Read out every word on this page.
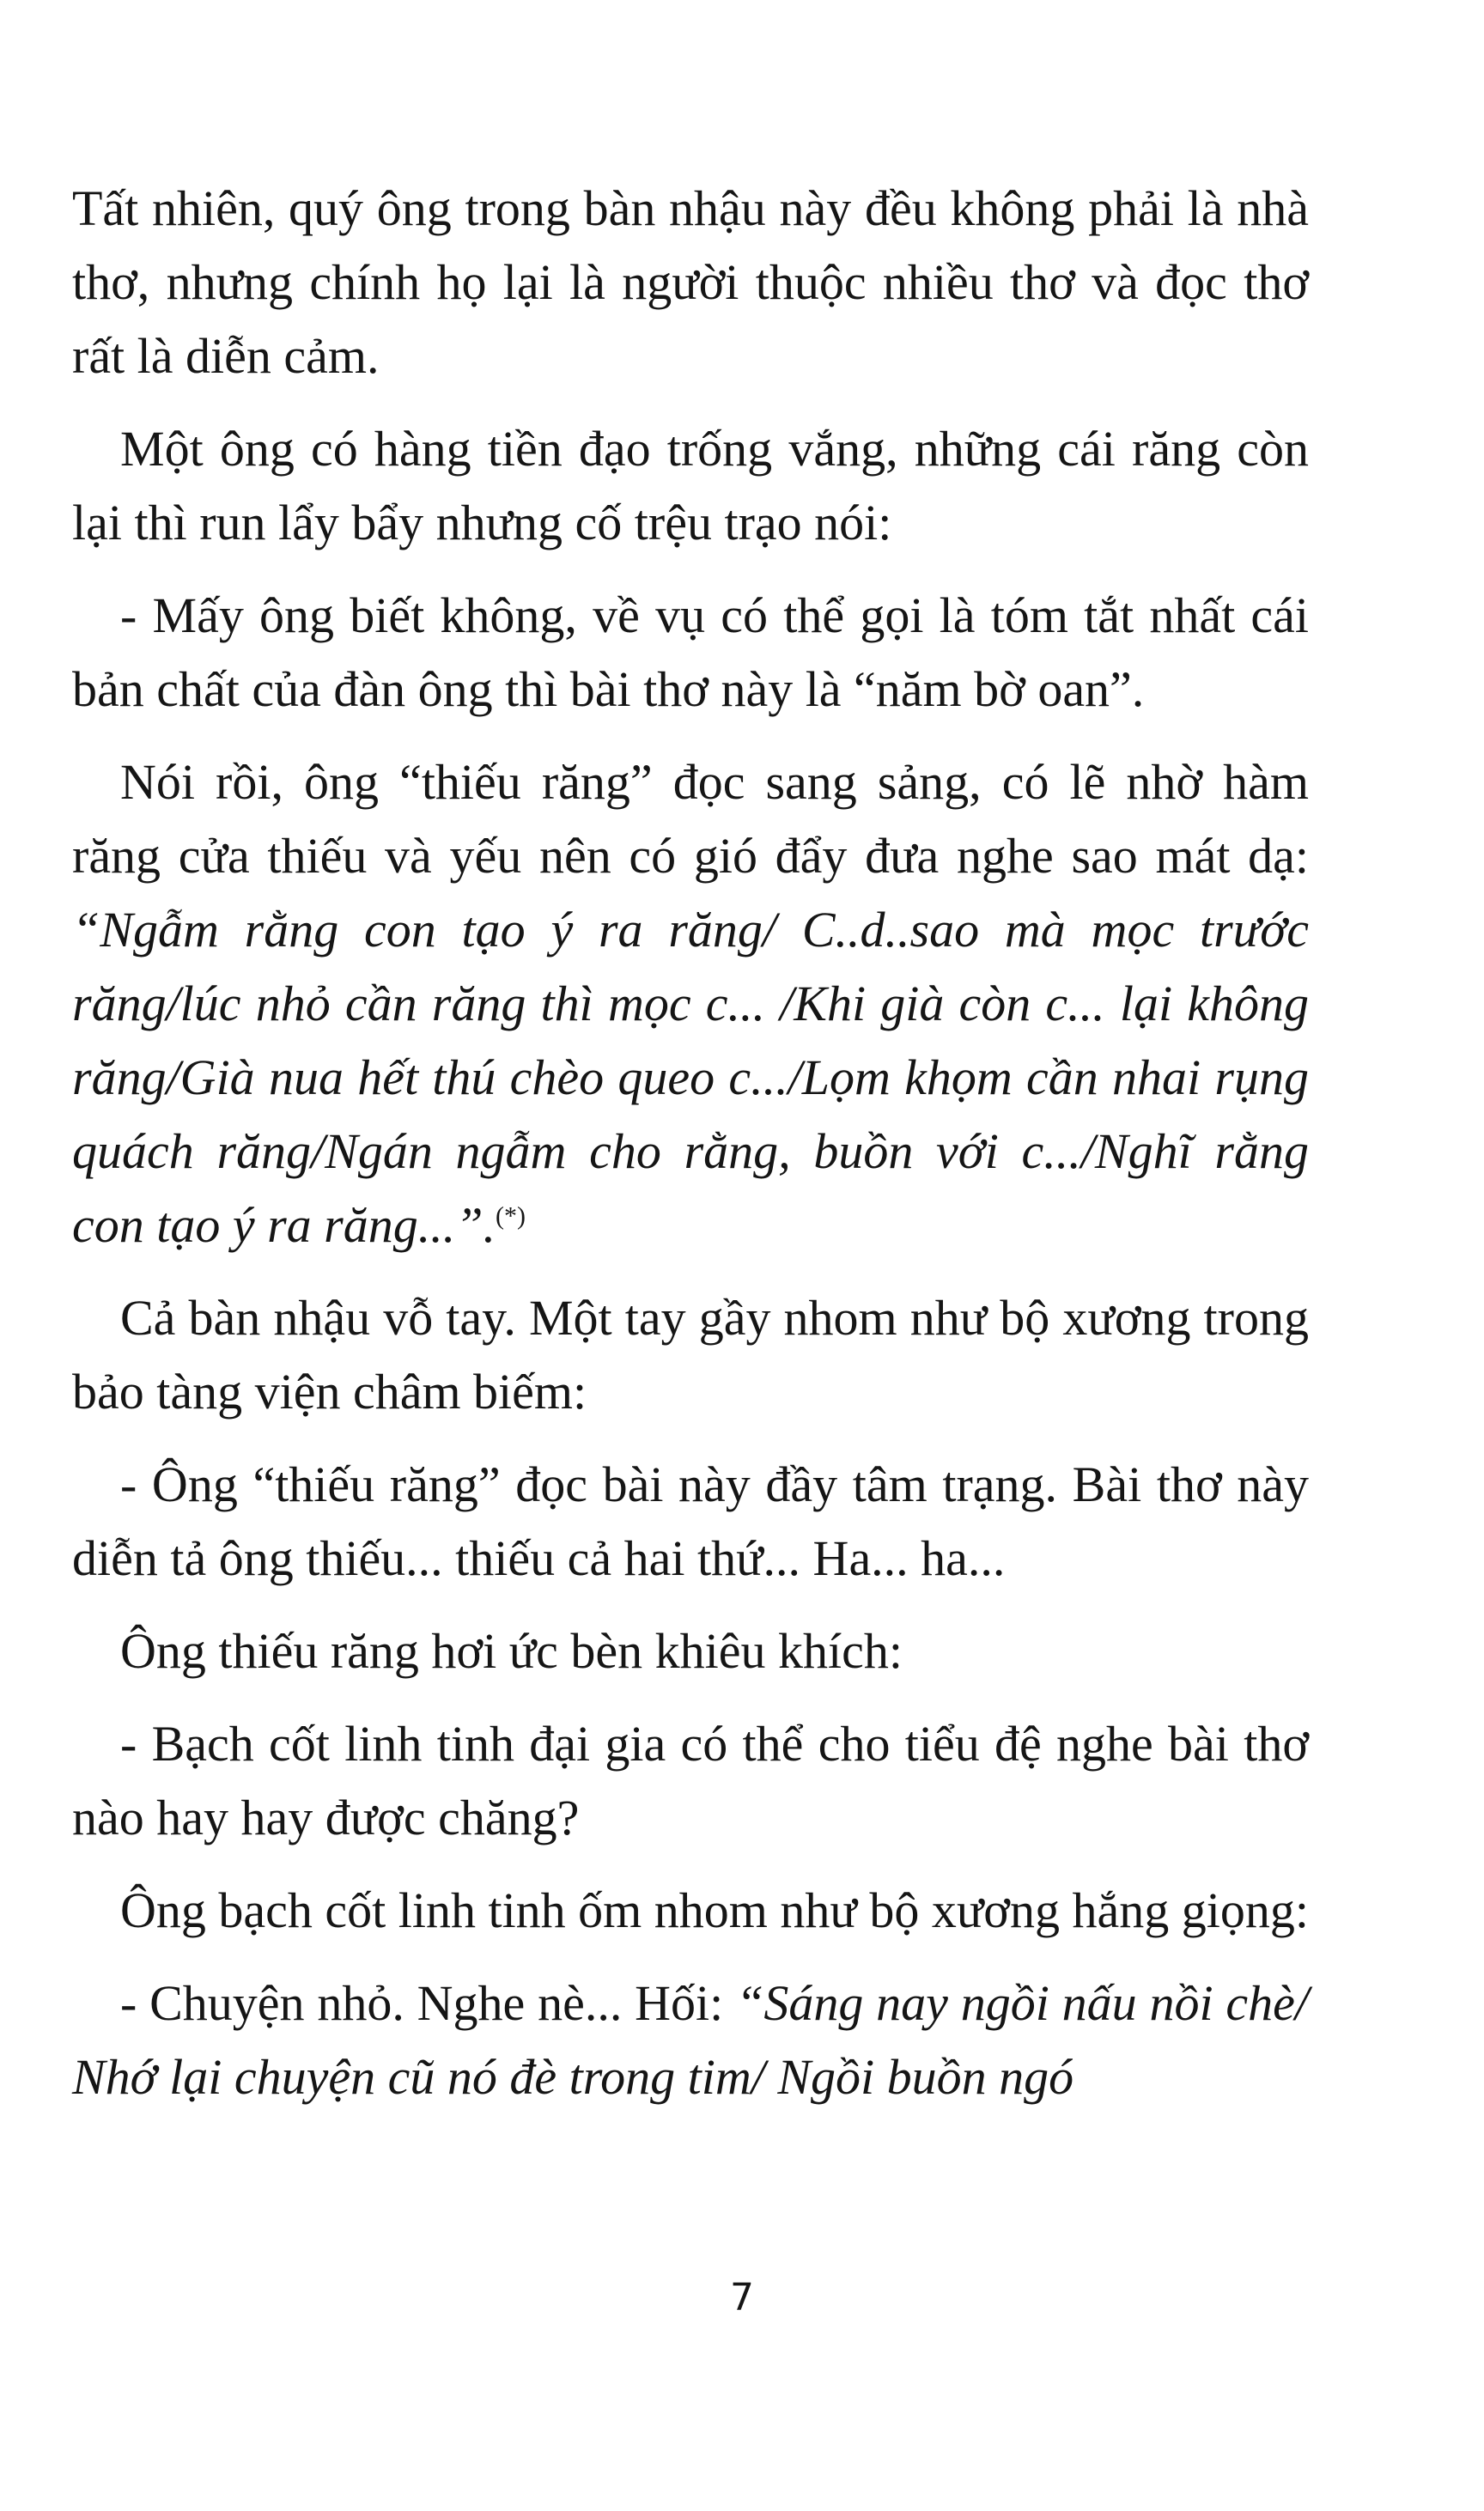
Tất nhiên, quý ông trong bàn nhậu này đều không phải là nhà thơ, nhưng chính họ lại là người thuộc nhiều thơ và đọc thơ rất là diễn cảm.

Một ông có hàng tiền đạo trống vắng, những cái răng còn lại thì run lẩy bẩy nhưng cố trệu trạo nói:

- Mấy ông biết không, về vụ có thể gọi là tóm tắt nhất cái bản chất của đàn ông thì bài thơ này là “năm bờ oan”.

Nói rồi, ông “thiếu răng” đọc sang sảng, có lẽ nhờ hàm răng cửa thiếu và yếu nên có gió đẩy đưa nghe sao mát dạ: “Ngẫm rằng con tạo ý ra răng/ C..d..sao mà mọc trước răng/lúc nhỏ cần răng thì mọc c... /Khi già còn c... lại không răng/Già nua hết thú chèo queo c.../Lọm khọm cần nhai rụng quách răng/Ngán ngẫm cho rằng, buồn với c.../Nghĩ rằng con tạo ý ra răng...”.(*)

Cả bàn nhậu vỗ tay. Một tay gầy nhom như bộ xương trong bảo tàng viện châm biếm:

- Ông “thiếu răng” đọc bài này đầy tâm trạng. Bài thơ này diễn tả ông thiếu... thiếu cả hai thứ... Ha... ha...

Ông thiếu răng hơi ức bèn khiêu khích:

- Bạch cốt linh tinh đại gia có thể cho tiểu đệ nghe bài thơ nào hay hay được chăng?

Ông bạch cốt linh tinh ốm nhom như bộ xương hắng giọng:

- Chuyện nhỏ. Nghe nè... Hối: “Sáng nay ngồi nấu nồi chè/ Nhớ lại chuyện cũ nó đè trong tim/ Ngồi buồn ngó

7
